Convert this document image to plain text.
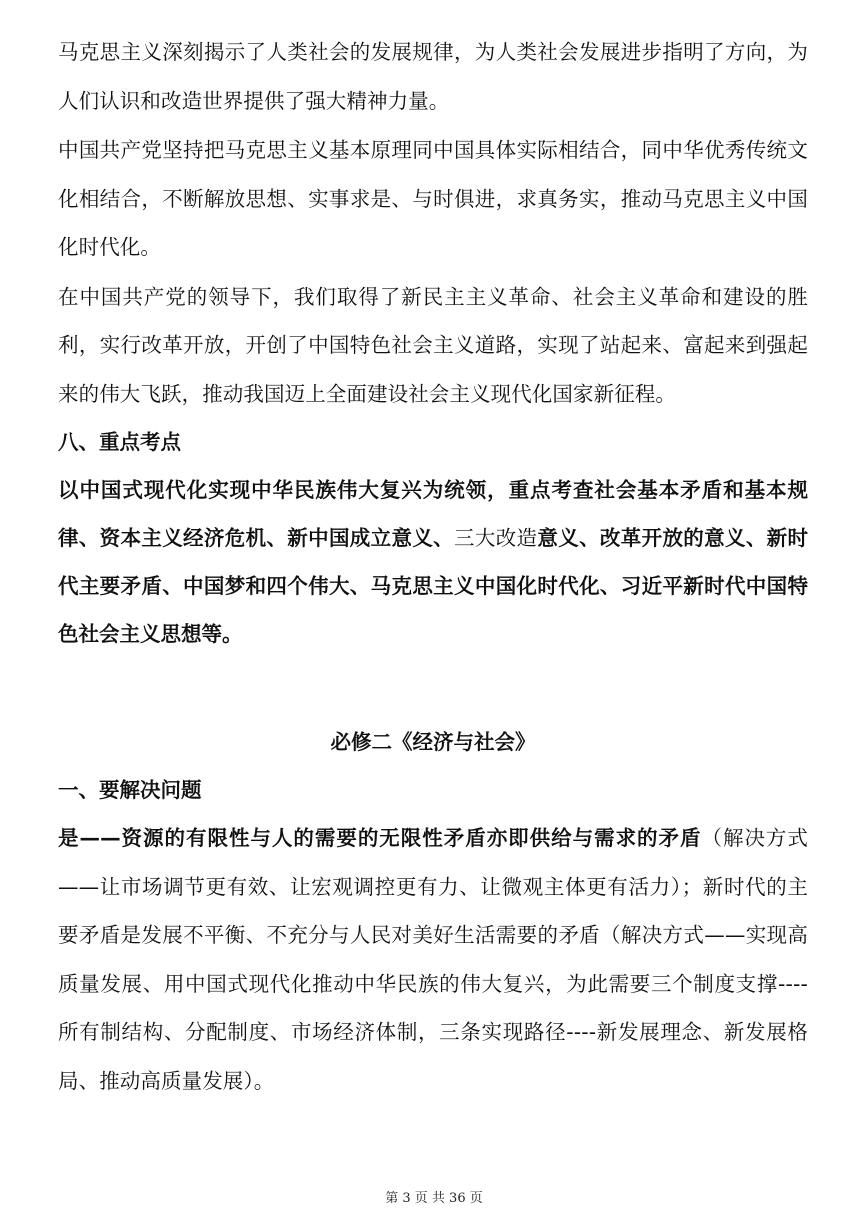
马克思主义深刻揭示了人类社会的发展规律，为人类社会发展进步指明了方向，为人们认识和改造世界提供了强大精神力量。

中国共产党坚持把马克思主义基本原理同中国具体实际相结合，同中华优秀传统文化相结合，不断解放思想、实事求是、与时俱进，求真务实，推动马克思主义中国化时代化。

在中国共产党的领导下，我们取得了新民主主义革命、社会主义革命和建设的胜利，实行改革开放，开创了中国特色社会主义道路，实现了站起来、富起来到强起来的伟大飞跃，推动我国迈上全面建设社会主义现代化国家新征程。

八、重点考点

以中国式现代化实现中华民族伟大复兴为统领，重点考查社会基本矛盾和基本规律、资本主义经济危机、新中国成立意义、三大改造意义、改革开放的意义、新时代主要矛盾、中国梦和四个伟大、马克思主义中国化时代化、习近平新时代中国特色社会主义思想等。

必修二《经济与社会》

一、要解决问题

是——资源的有限性与人的需要的无限性矛盾亦即供给与需求的矛盾（解决方式——让市场调节更有效、让宏观调控更有力、让微观主体更有活力）；新时代的主要矛盾是发展不平衡、不充分与人民对美好生活需要的矛盾（解决方式——实现高质量发展、用中国式现代化推动中华民族的伟大复兴，为此需要三个制度支撑----所有制结构、分配制度、市场经济体制，三条实现路径----新发展理念、新发展格局、推动高质量发展）。

第 3 页 共 36 页
